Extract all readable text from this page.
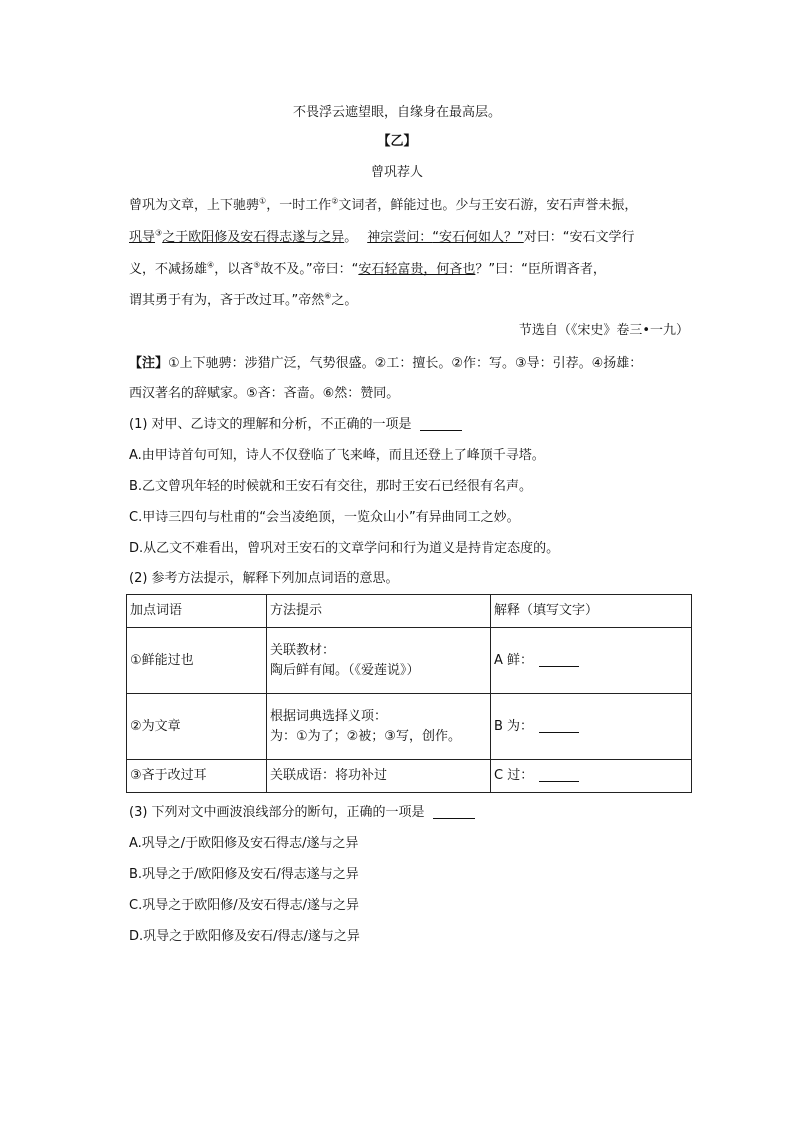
不畏浮云遮望眼，自缘身在最高层。
【乙】
曾巩荐人
曾巩为文章，上下驰骋①，一时工作②文词者，鲜能过也。少与王安石游，安石声誉未振，
巩导③之于欧阳修及安石得志遂与之异。 神宗尝问：“安石何如人？”对曰：“安石文学行
义，不减扬雄④，以吝⑤故不及。”帝曰：“安石轻富贵，何吝也？”曰：“臣所谓吝者，
谓其勇于有为，吝于改过耳。”帝然⑥之。
节选自（《宋史》卷三•一九）
【注】①上下驰骋：涉猎广泛，气势很盛。②工：擅长。②作：写。③导：引荐。④扬雄：
西汉著名的辞赋家。⑤吝：吝啬。⑥然：赞同。
(1) 对甲、乙诗文的理解和分析，不正确的一项是
A.由甲诗首句可知，诗人不仅登临了飞来峰，而且还登上了峰顶千寻塔。
B.乙文曾巩年轻的时候就和王安石有交往，那时王安石已经很有名声。
C.甲诗三四句与杜甫的“会当凌绝顶，一览众山小”有异曲同工之妙。
D.从乙文不难看出，曾巩对王安石的文章学问和行为道义是持肯定态度的。
(2) 参考方法提示，解释下列加点词语的意思。
加点词语	方法提示	解释（填写文字）
①鲜能过也	关联教材：
陶后鲜有闻。（《爱莲说》）	A 鲜：
②为文章	根据词典选择义项：
为：①为了；②被；③写，创作。	B 为：
③吝于改过耳	关联成语：将功补过	C 过：
(3) 下列对文中画波浪线部分的断句，正确的一项是
A.巩导之/于欧阳修及安石得志/遂与之异
B.巩导之于/欧阳修及安石/得志遂与之异
C.巩导之于欧阳修/及安石得志/遂与之异
D.巩导之于欧阳修及安石/得志/遂与之异
